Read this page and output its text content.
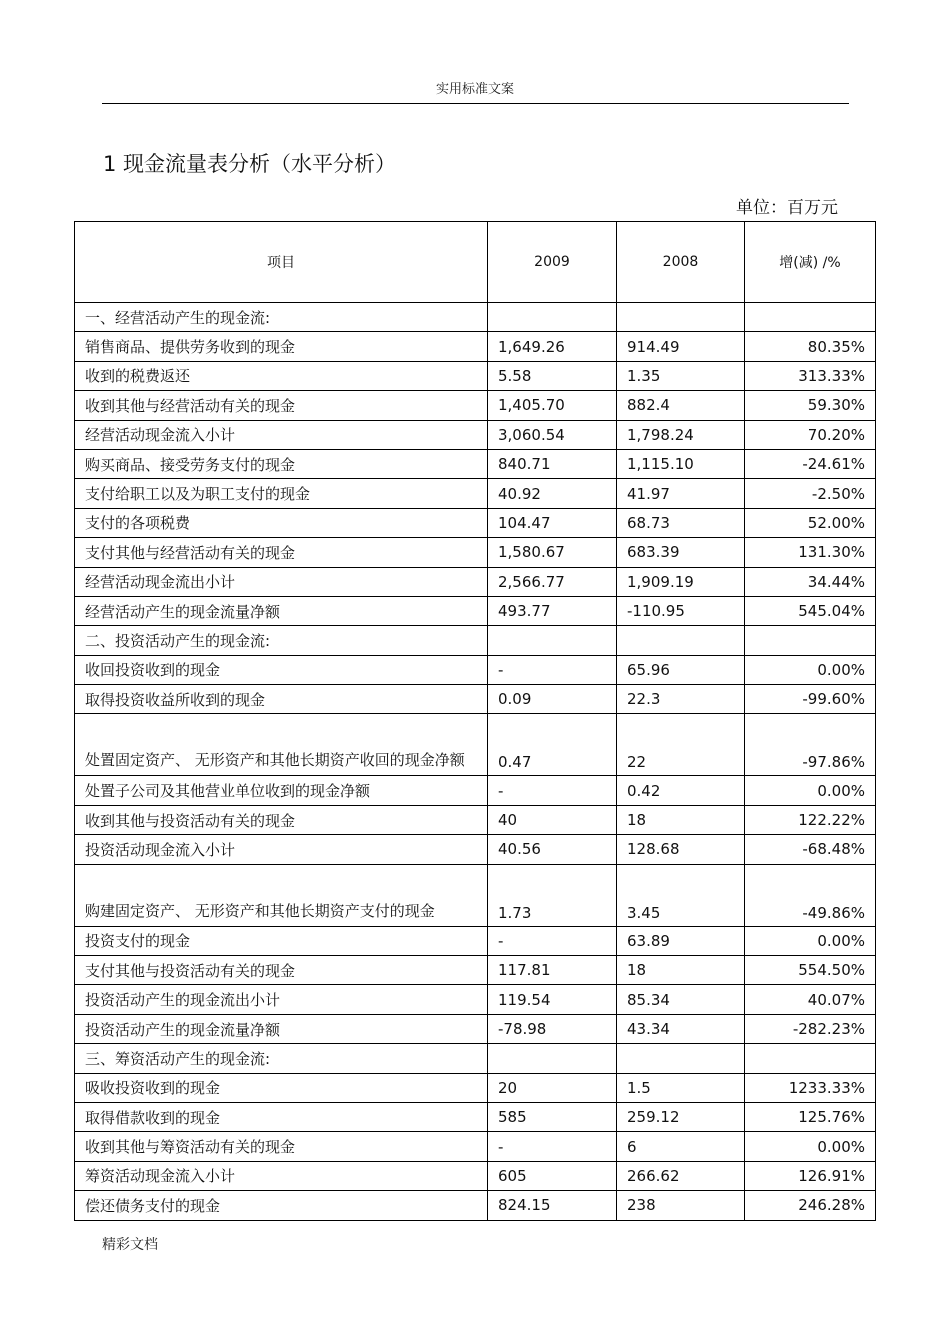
实用标准文案
1 现金流量表分析（水平分析）
单位：百万元
项目	2009	2008	增(减) /%
一、经营活动产生的现金流:			
销售商品、提供劳务收到的现金	1,649.26	914.49	80.35%
收到的税费返还	5.58	1.35	313.33%
收到其他与经营活动有关的现金	1,405.70	882.4	59.30%
经营活动现金流入小计	3,060.54	1,798.24	70.20%
购买商品、接受劳务支付的现金	840.71	1,115.10	-24.61%
支付给职工以及为职工支付的现金	40.92	41.97	-2.50%
支付的各项税费	104.47	68.73	52.00%
支付其他与经营活动有关的现金	1,580.67	683.39	131.30%
经营活动现金流出小计	2,566.77	1,909.19	34.44%
经营活动产生的现金流量净额	493.77	-110.95	545.04%
二、投资活动产生的现金流:			
收回投资收到的现金	-	65.96	0.00%
取得投资收益所收到的现金	0.09	22.3	-99.60%
处置固定资产、 无形资产和其他长期资产收回的现金净额	0.47	22	-97.86%
处置子公司及其他营业单位收到的现金净额	-	0.42	0.00%
收到其他与投资活动有关的现金	40	18	122.22%
投资活动现金流入小计	40.56	128.68	-68.48%
购建固定资产、 无形资产和其他长期资产支付的现金	1.73	3.45	-49.86%
投资支付的现金	-	63.89	0.00%
支付其他与投资活动有关的现金	117.81	18	554.50%
投资活动产生的现金流出小计	119.54	85.34	40.07%
投资活动产生的现金流量净额	-78.98	43.34	-282.23%
三、筹资活动产生的现金流:			
吸收投资收到的现金	20	1.5	1233.33%
取得借款收到的现金	585	259.12	125.76%
收到其他与筹资活动有关的现金	-	6	0.00%
筹资活动现金流入小计	605	266.62	126.91%
偿还债务支付的现金	824.15	238	246.28%
精彩文档
